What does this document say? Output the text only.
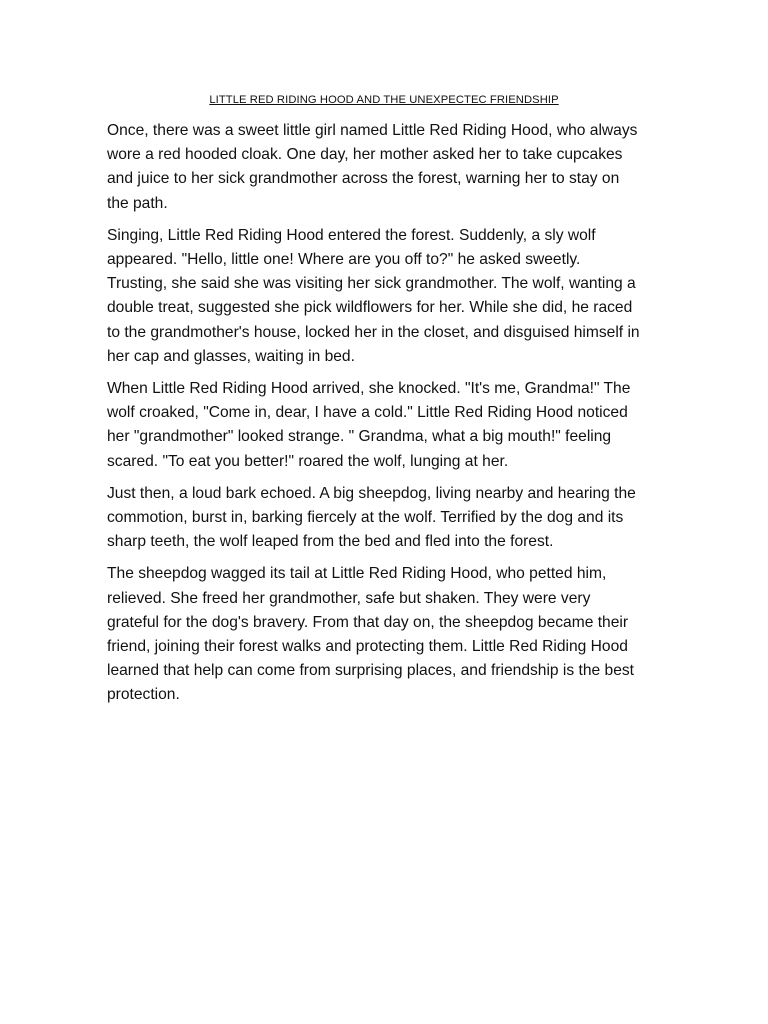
LITTLE RED RIDING HOOD AND THE UNEXPECTEC FRIENDSHIP

Once, there was a sweet little girl named Little Red Riding Hood, who always
wore a red hooded cloak. One day, her mother asked her to take cupcakes
and juice to her sick grandmother across the forest, warning her to stay on
the path.

Singing, Little Red Riding Hood entered the forest. Suddenly, a sly wolf
appeared. "Hello, little one! Where are you off to?" he asked sweetly.
Trusting, she said she was visiting her sick grandmother. The wolf, wanting a
double treat, suggested she pick wildflowers for her. While she did, he raced
to the grandmother's house, locked her in the closet, and disguised himself in
her cap and glasses, waiting in bed.

When Little Red Riding Hood arrived, she knocked. "It's me, Grandma!" The
wolf croaked, "Come in, dear, I have a cold." Little Red Riding Hood noticed
her "grandmother" looked strange. " Grandma, what a big mouth!" feeling
scared. "To eat you better!" roared the wolf, lunging at her.

Just then, a loud bark echoed. A big sheepdog, living nearby and hearing the
commotion, burst in, barking fiercely at the wolf. Terrified by the dog and its
sharp teeth, the wolf leaped from the bed and fled into the forest.

The sheepdog wagged its tail at Little Red Riding Hood, who petted him,
relieved. She freed her grandmother, safe but shaken. They were very
grateful for the dog's bravery. From that day on, the sheepdog became their
friend, joining their forest walks and protecting them. Little Red Riding Hood
learned that help can come from surprising places, and friendship is the best
protection.
